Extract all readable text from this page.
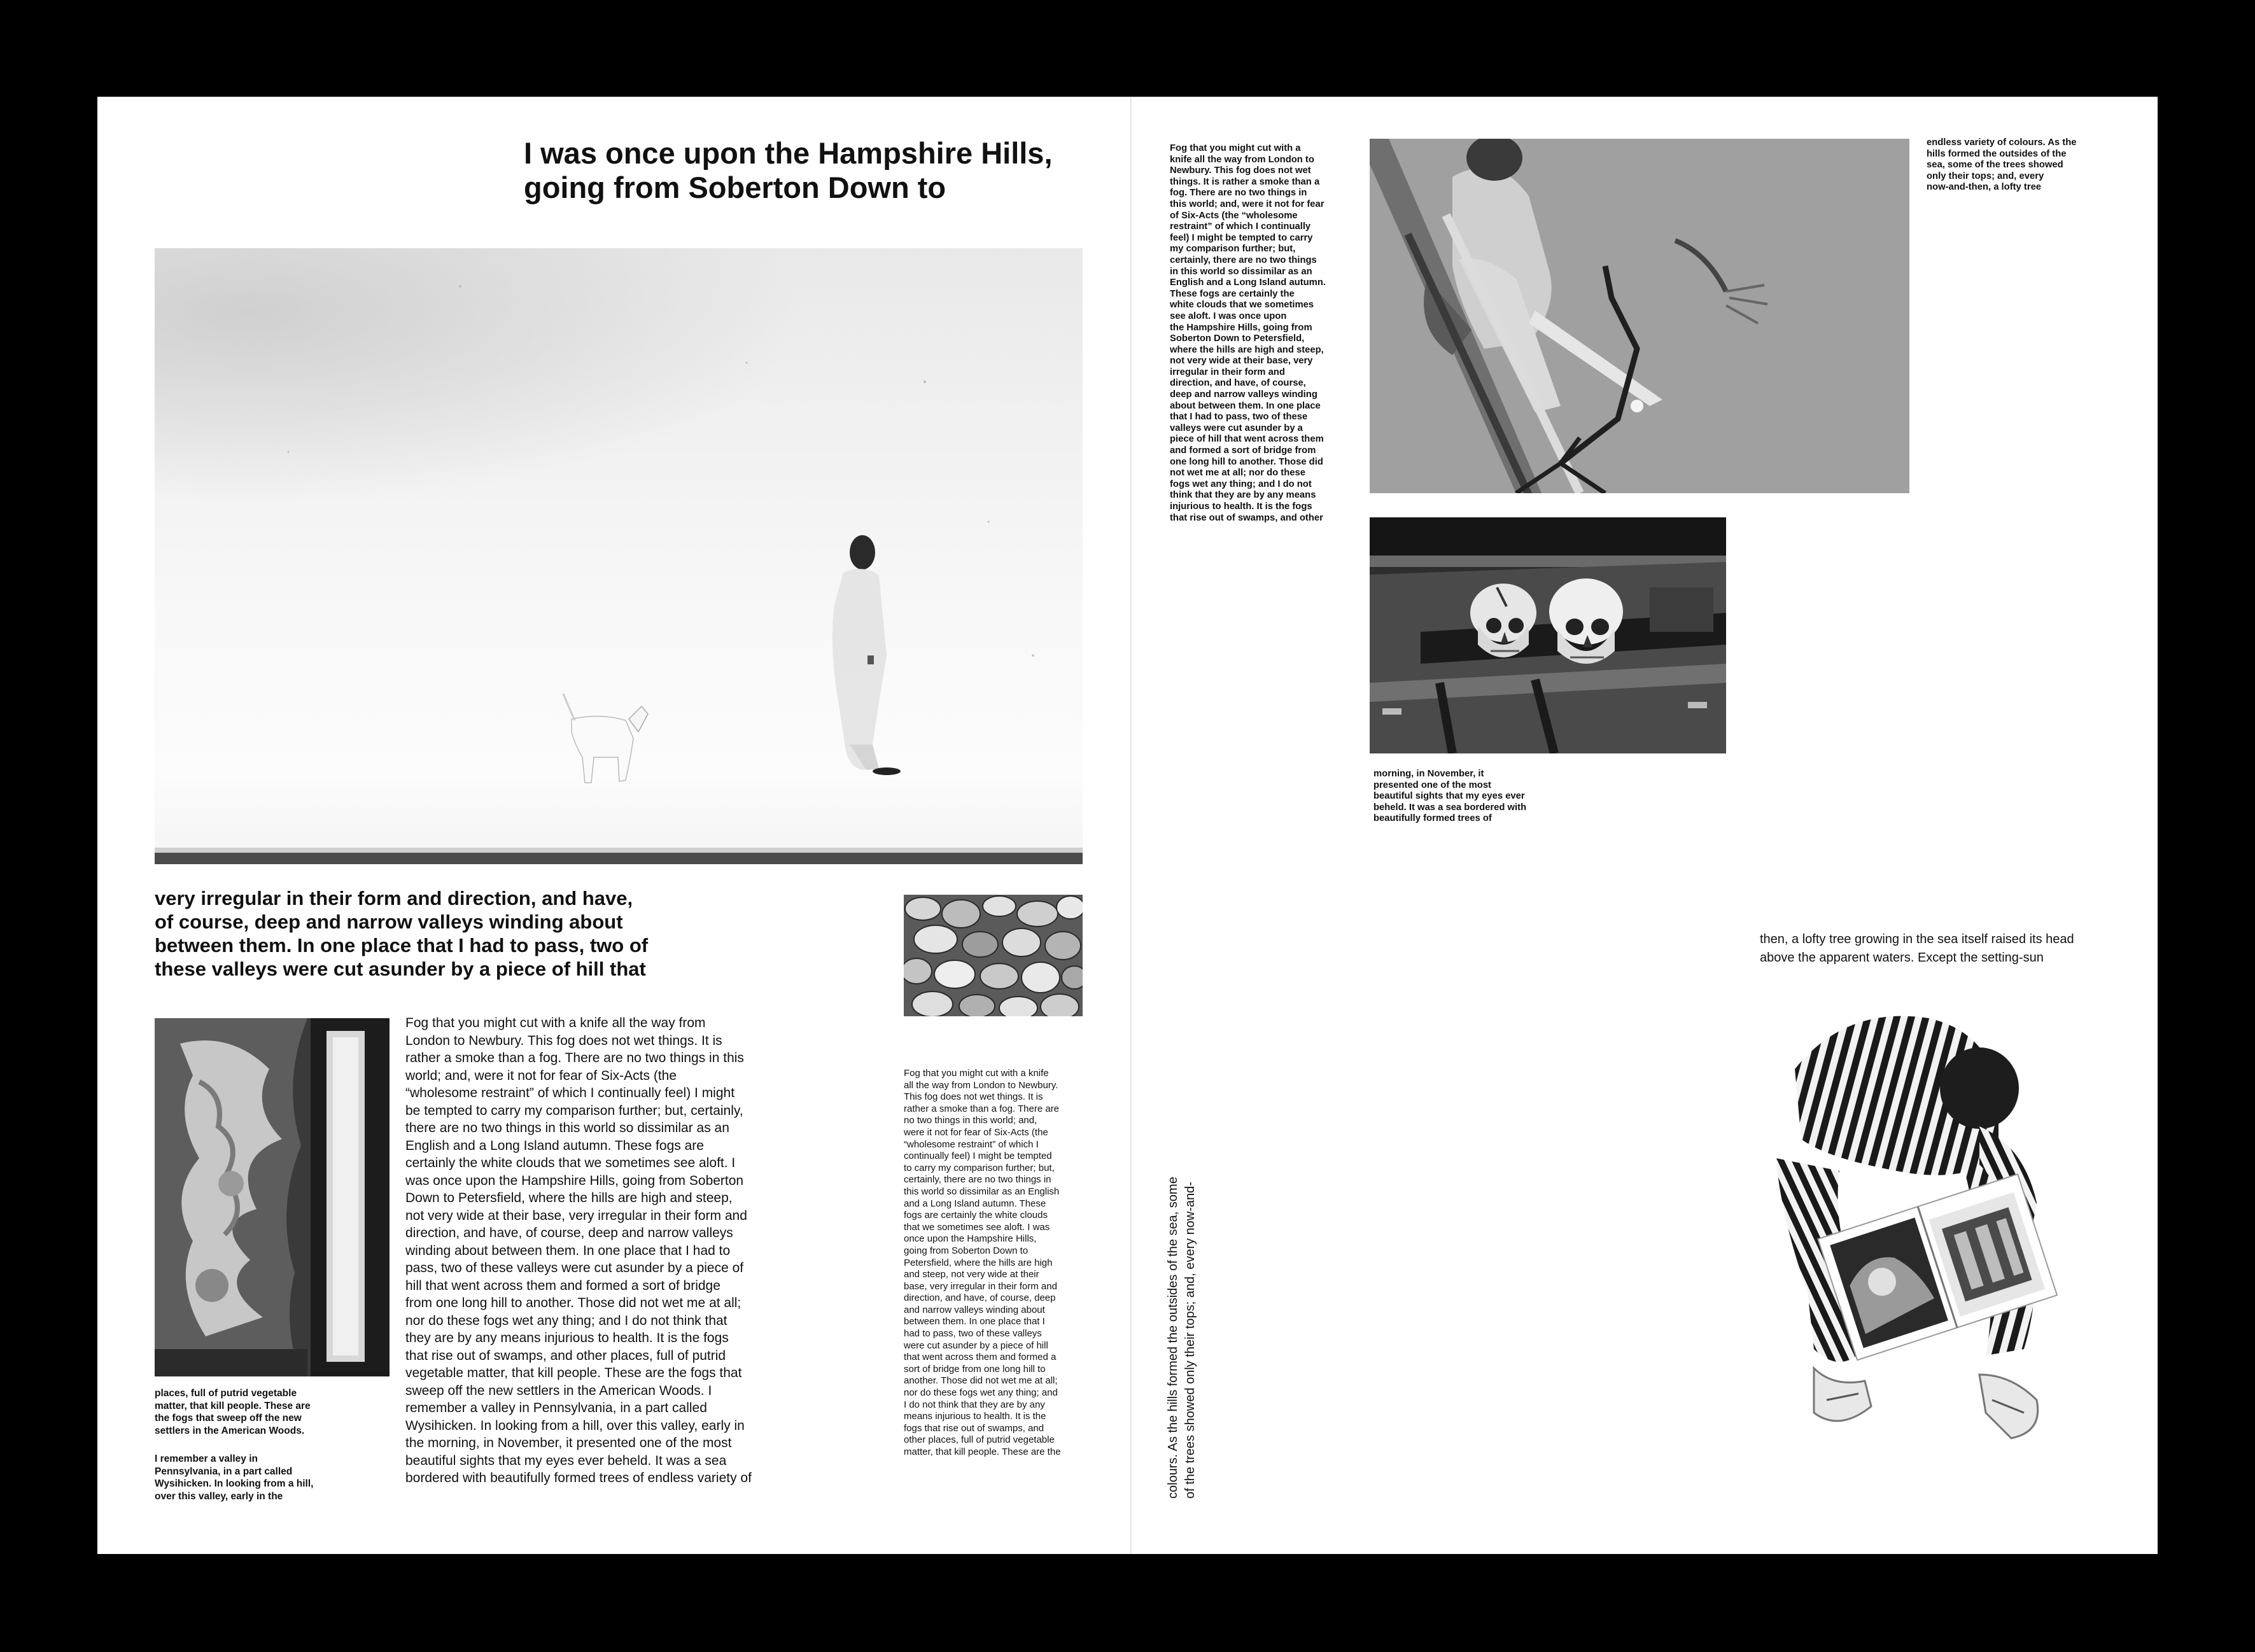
I was once upon the Hampshire Hills,
going from Soberton Down to
very irregular in their form and direction, and have,
of course, deep and narrow valleys winding about
between them. In one place that I had to pass, two of
these valleys were cut asunder by a piece of hill that
Fog that you might cut with a knife all the way from
London to Newbury. This fog does not wet things. It is
rather a smoke than a fog. There are no two things in this
world; and, were it not for fear of Six-Acts (the
“wholesome restraint” of which I continually feel) I might
be tempted to carry my comparison further; but, certainly,
there are no two things in this world so dissimilar as an
English and a Long Island autumn. These fogs are
certainly the white clouds that we sometimes see aloft. I
was once upon the Hampshire Hills, going from Soberton
Down to Petersfield, where the hills are high and steep,
not very wide at their base, very irregular in their form and
direction, and have, of course, deep and narrow valleys
winding about between them. In one place that I had to
pass, two of these valleys were cut asunder by a piece of
hill that went across them and formed a sort of bridge
from one long hill to another. Those did not wet me at all;
nor do these fogs wet any thing; and I do not think that
they are by any means injurious to health. It is the fogs
that rise out of swamps, and other places, full of putrid
vegetable matter, that kill people. These are the fogs that
sweep off the new settlers in the American Woods. I
remember a valley in Pennsylvania, in a part called
Wysihicken. In looking from a hill, over this valley, early in
the morning, in November, it presented one of the most
beautiful sights that my eyes ever beheld. It was a sea
bordered with beautifully formed trees of endless variety of
places, full of putrid vegetable
matter, that kill people. These are
the fogs that sweep off the new
settlers in the American Woods.
I remember a valley in
Pennsylvania, in a part called
Wysihicken. In looking from a hill,
over this valley, early in the
Fog that you might cut with a knife
all the way from London to Newbury.
This fog does not wet things. It is
rather a smoke than a fog. There are
no two things in this world; and,
were it not for fear of Six-Acts (the
“wholesome restraint” of which I
continually feel) I might be tempted
to carry my comparison further; but,
certainly, there are no two things in
this world so dissimilar as an English
and a Long Island autumn. These
fogs are certainly the white clouds
that we sometimes see aloft. I was
once upon the Hampshire Hills,
going from Soberton Down to
Petersfield, where the hills are high
and steep, not very wide at their
base, very irregular in their form and
direction, and have, of course, deep
and narrow valleys winding about
between them. In one place that I
had to pass, two of these valleys
were cut asunder by a piece of hill
that went across them and formed a
sort of bridge from one long hill to
another. Those did not wet me at all;
nor do these fogs wet any thing; and
I do not think that they are by any
means injurious to health. It is the
fogs that rise out of swamps, and
other places, full of putrid vegetable
matter, that kill people. These are the
Fog that you might cut with a
knife all the way from London to
Newbury. This fog does not wet
things. It is rather a smoke than a
fog. There are no two things in
this world; and, were it not for fear
of Six-Acts (the “wholesome
restraint” of which I continually
feel) I might be tempted to carry
my comparison further; but,
certainly, there are no two things
in this world so dissimilar as an
English and a Long Island autumn.
These fogs are certainly the
white clouds that we sometimes
see aloft. I was once upon
the Hampshire Hills, going from
Soberton Down to Petersfield,
where the hills are high and steep,
not very wide at their base, very
irregular in their form and
direction, and have, of course,
deep and narrow valleys winding
about between them. In one place
that I had to pass, two of these
valleys were cut asunder by a
piece of hill that went across them
and formed a sort of bridge from
one long hill to another. Those did
not wet me at all; nor do these
fogs wet any thing; and I do not
think that they are by any means
injurious to health. It is the fogs
that rise out of swamps, and other
endless variety of colours. As the
hills formed the outsides of the
sea, some of the trees showed
only their tops; and, every
now-and-then, a lofty tree
morning, in November, it
presented one of the most
beautiful sights that my eyes ever
beheld. It was a sea bordered with
beautifully formed trees of
then, a lofty tree growing in the sea itself raised its head
above the apparent waters. Except the setting-sun
colours. As the hills formed the outsides of the sea, some of the trees showed only their tops; and, every now-and-
